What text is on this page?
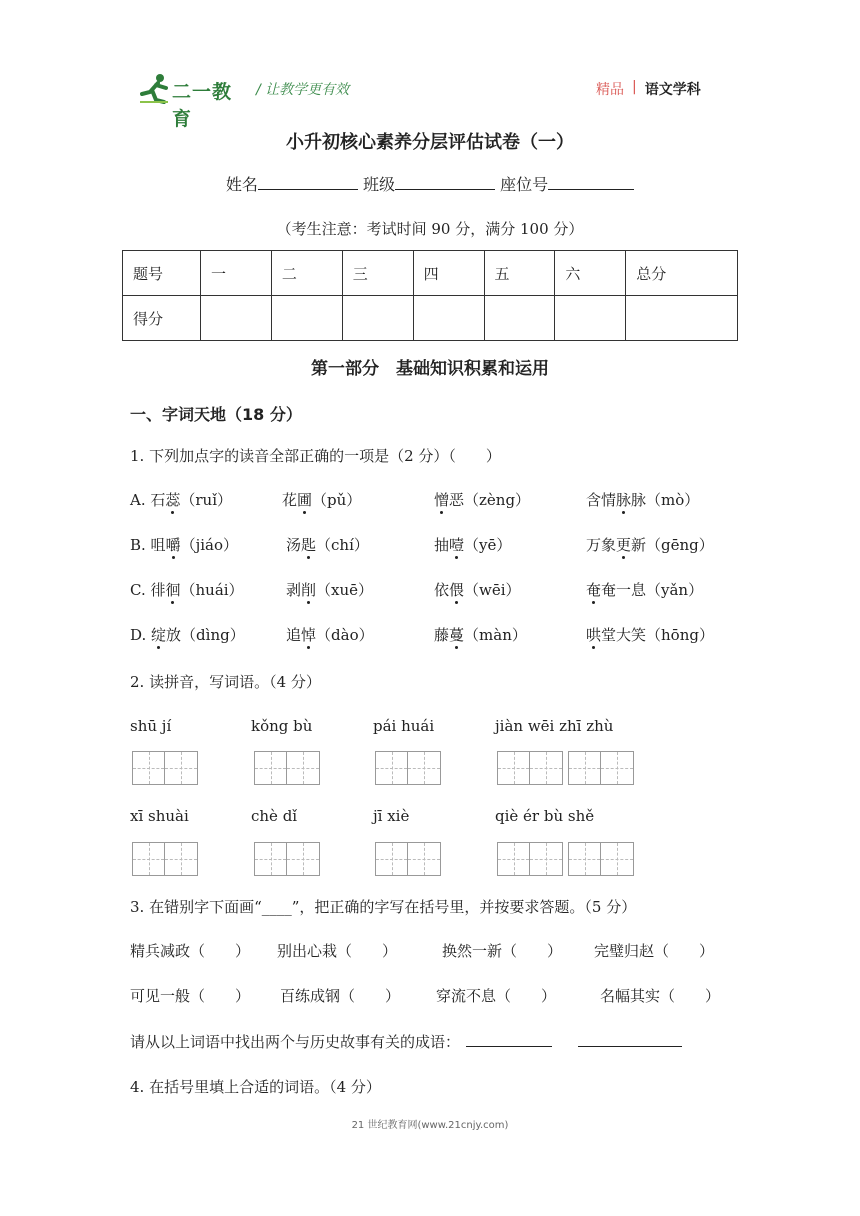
二一教育
/ 让教学更有效	精品 | 语文学科
小升初核心素养分层评估试卷（一）
姓名	班级	座位号
（考生注意：考试时间 90 分，满分 100 分）
题号	一	二	三	四	五	六	总分
得分							
第一部分　基础知识积累和运用
一、字词天地（18 分）
1. 下列加点字的读音全部正确的一项是（2 分）（　　）
A. 石蕊（ruǐ）	花圃（pǔ）	憎恶（zèng）	含情脉脉（mò）
B. 咀嚼（jiáo）	汤匙（chí）	抽噎（yē）	万象更新（gēng）
C. 徘徊（huái）	剥削（xuē）	依偎（wēi）	奄奄一息（yǎn）
D. 绽放（dìng）	追悼（dào）	藤蔓（màn）	哄堂大笑（hōng）
2. 读拼音，写词语。（4 分）
shū jí	kǒng bù	pái huái	jiàn wēi zhī zhù
xī shuài	chè dǐ	jī xiè	qiè ér bù shě
3. 在错别字下面画“____”，把正确的字写在括号里，并按要求答题。（5 分）
精兵减政（　　） 别出心栽（　　）	换然一新（　　） 完璧归赵（　　）
可见一般（　　） 百练成钢（　　） 穿流不息（　　）	名幅其实（　　）
请从以上词语中找出两个与历史故事有关的成语：
4. 在括号里填上合适的词语。（4 分）
21 世纪教育网(www.21cnjy.com)
